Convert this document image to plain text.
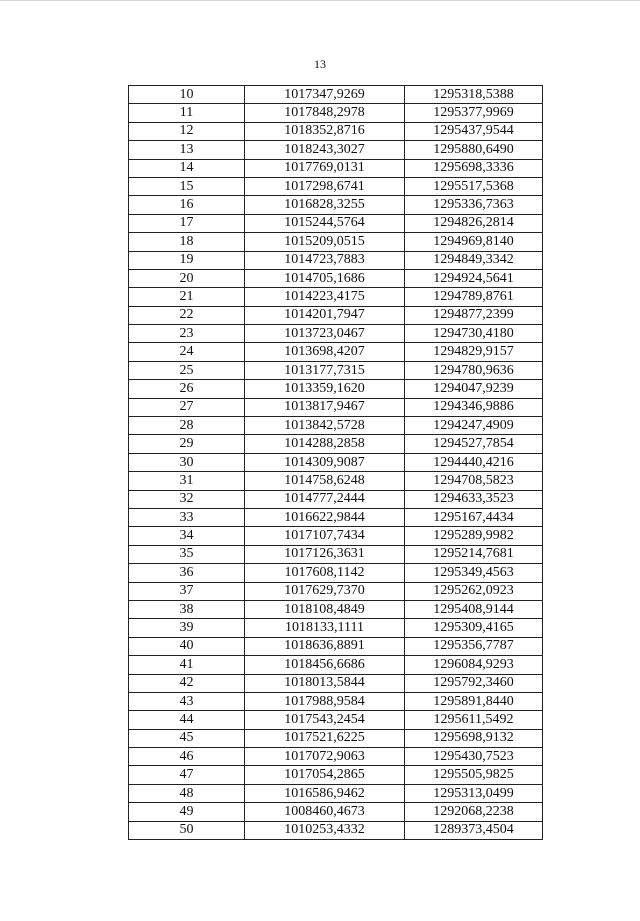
13
10	1017347,9269	1295318,5388
11	1017848,2978	1295377,9969
12	1018352,8716	1295437,9544
13	1018243,3027	1295880,6490
14	1017769,0131	1295698,3336
15	1017298,6741	1295517,5368
16	1016828,3255	1295336,7363
17	1015244,5764	1294826,2814
18	1015209,0515	1294969,8140
19	1014723,7883	1294849,3342
20	1014705,1686	1294924,5641
21	1014223,4175	1294789,8761
22	1014201,7947	1294877,2399
23	1013723,0467	1294730,4180
24	1013698,4207	1294829,9157
25	1013177,7315	1294780,9636
26	1013359,1620	1294047,9239
27	1013817,9467	1294346,9886
28	1013842,5728	1294247,4909
29	1014288,2858	1294527,7854
30	1014309,9087	1294440,4216
31	1014758,6248	1294708,5823
32	1014777,2444	1294633,3523
33	1016622,9844	1295167,4434
34	1017107,7434	1295289,9982
35	1017126,3631	1295214,7681
36	1017608,1142	1295349,4563
37	1017629,7370	1295262,0923
38	1018108,4849	1295408,9144
39	1018133,1111	1295309,4165
40	1018636,8891	1295356,7787
41	1018456,6686	1296084,9293
42	1018013,5844	1295792,3460
43	1017988,9584	1295891,8440
44	1017543,2454	1295611,5492
45	1017521,6225	1295698,9132
46	1017072,9063	1295430,7523
47	1017054,2865	1295505,9825
48	1016586,9462	1295313,0499
49	1008460,4673	1292068,2238
50	1010253,4332	1289373,4504
